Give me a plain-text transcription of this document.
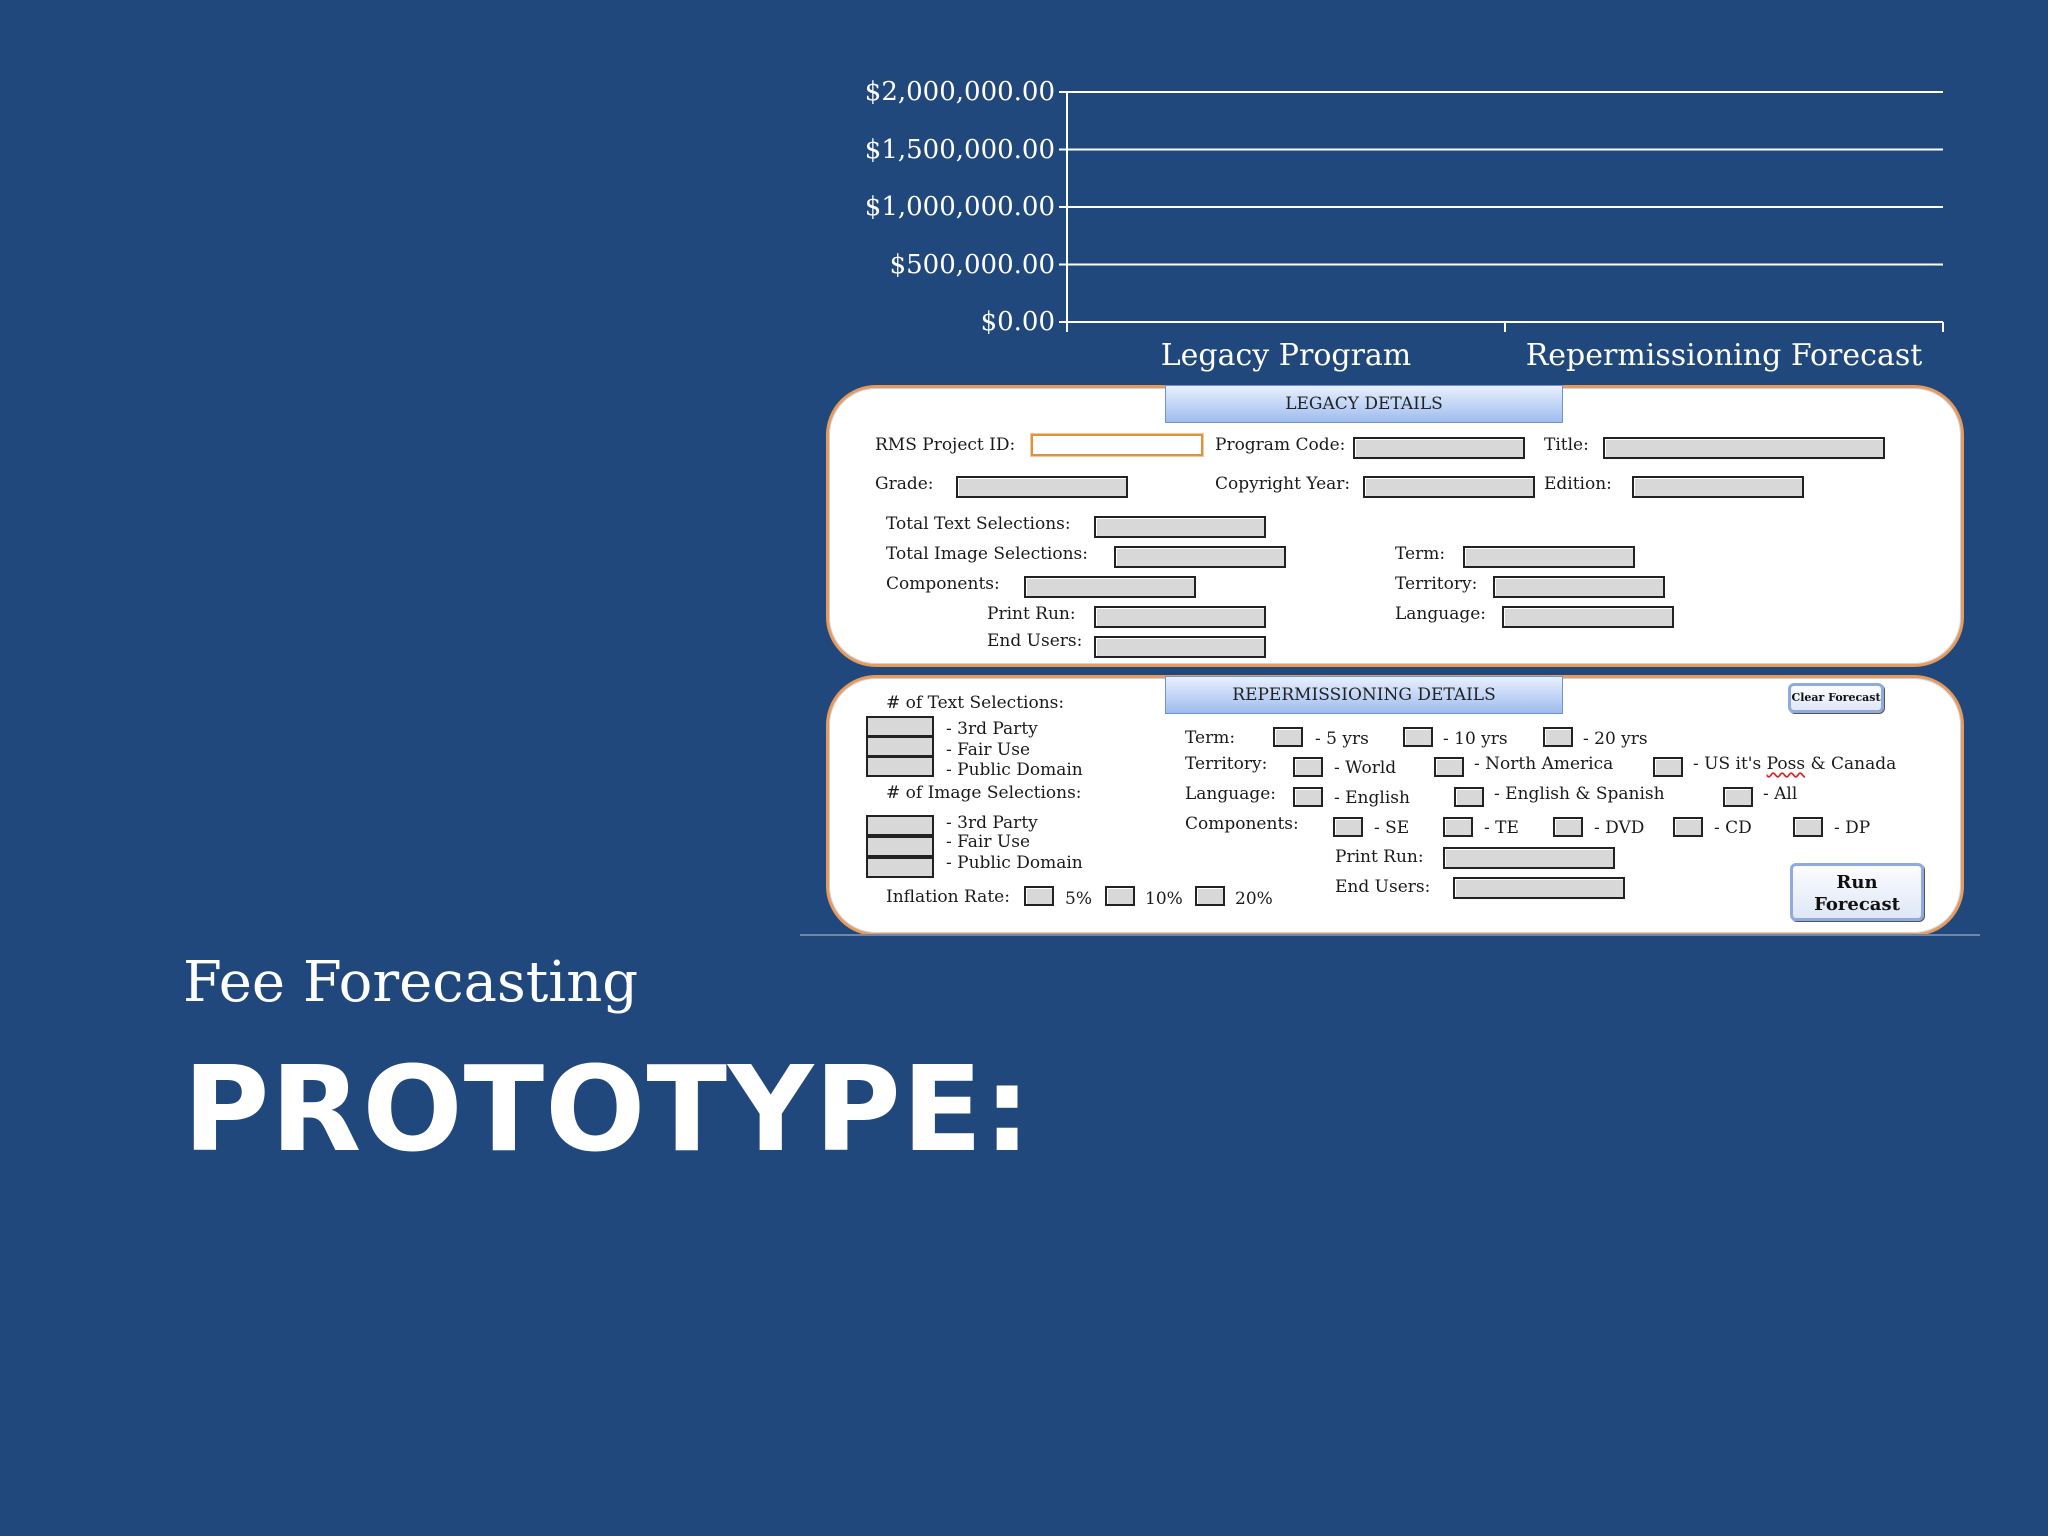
$0.00
$500,000.00
$1,000,000.00
$1,500,000.00
$2,000,000.00
Legacy Program	Repermissioning Forecast
LEGACY DETAILS
RMS Project ID:	Program Code:	Title:
Grade:	Copyright Year:	Edition:
Total Text Selections:
Total Image Selections:
Components:
Print Run:
End Users:
Term:
Territory:
Language:
REPERMISSIONING DETAILS	Clear Forecast
# of Text Selections:
- 3rd Party
- Fair Use
- Public Domain
# of Image Selections:
- 3rd Party
- Fair Use
- Public Domain
Inflation Rate:	5%	10%	20%
Term:	- 5 yrs	- 10 yrs	- 20 yrs
Territory:	- World	- North America	- US it's Poss & Canada
Language:	- English	- English & Spanish	- All
Components:	- SE	- TE	- DVD	- CD	- DP
Print Run:
End Users:	Run
Forecast
Fee Forecasting
PROTOTYPE:
